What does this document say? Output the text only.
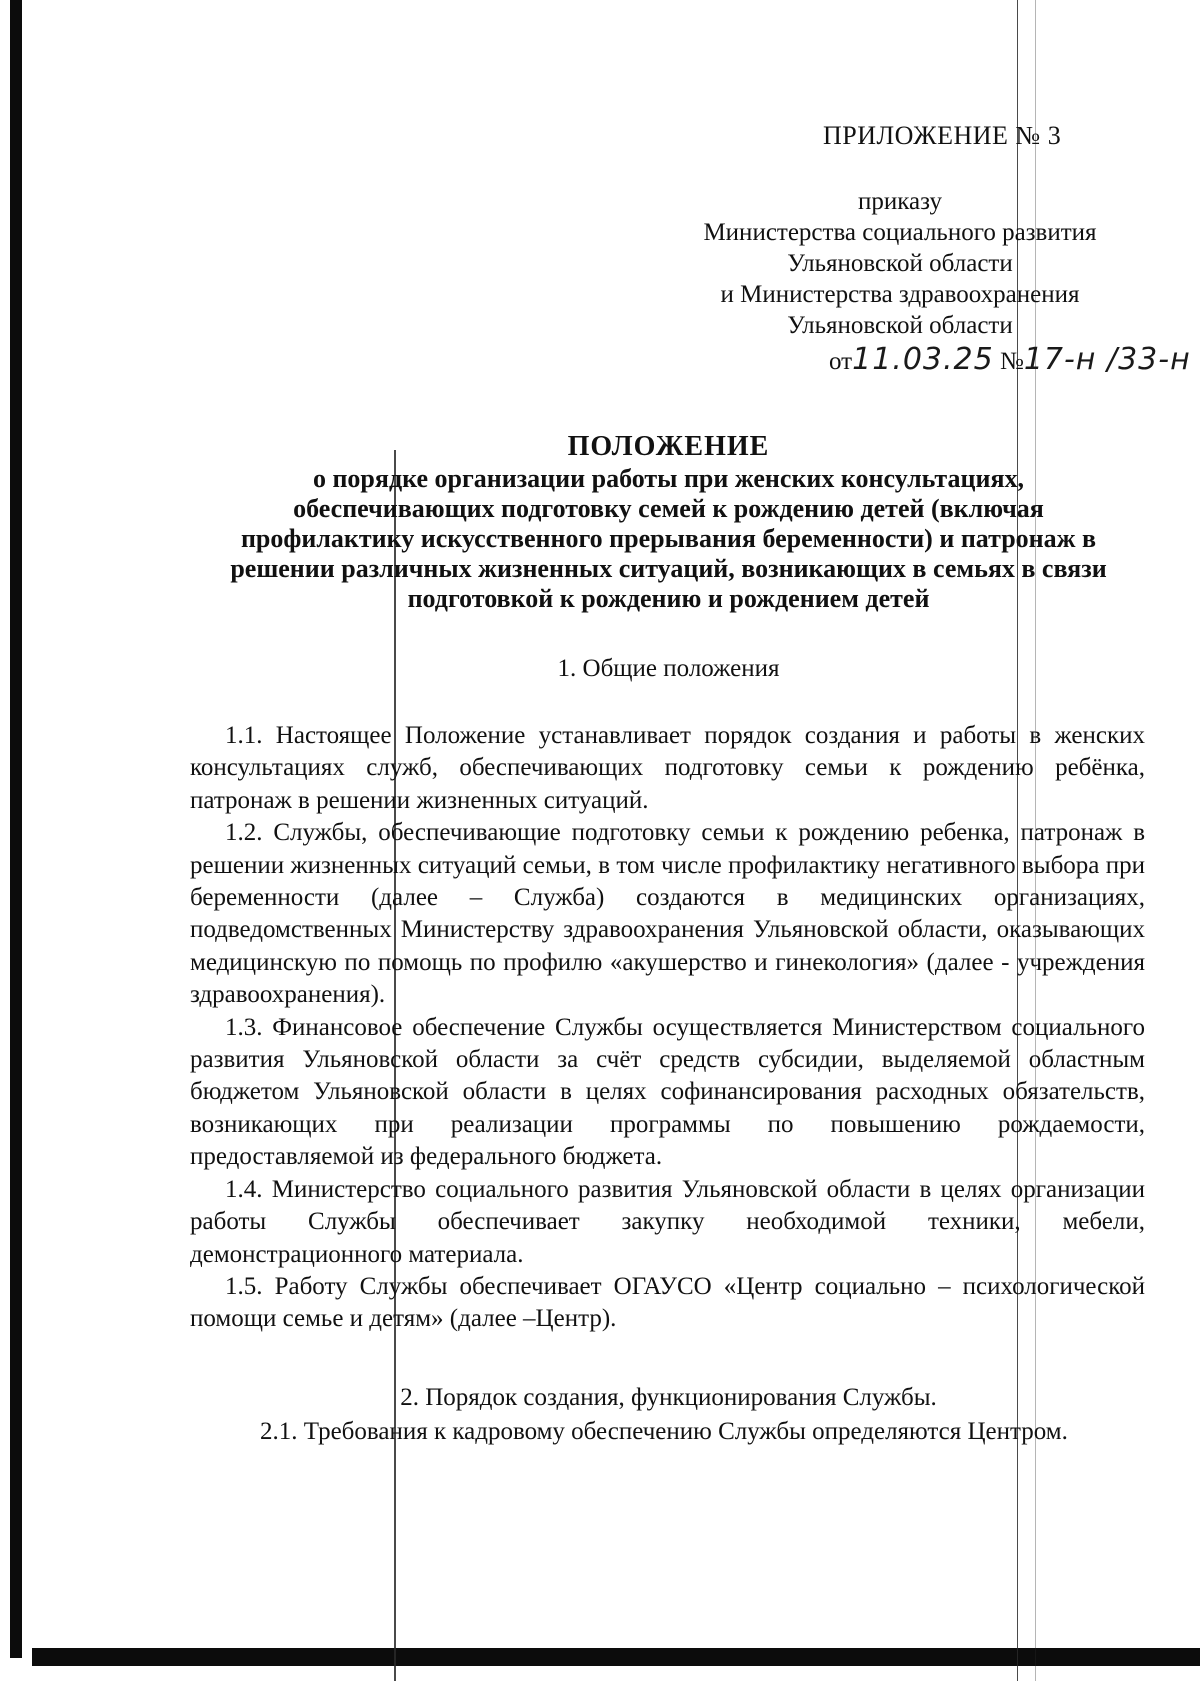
ПРИЛОЖЕНИЕ № 3
приказу
Министерства социального развития
Ульяновской области
и Министерства здравоохранения
Ульяновской области
от11.03.25 №17-н /33-н
ПОЛОЖЕНИЕ
о порядке организации работы при женских консультациях,
обеспечивающих подготовку семей к рождению детей (включая
профилактику искусственного прерывания беременности) и патронаж в
решении различных жизненных ситуаций, возникающих в семьях в связи
подготовкой к рождению и рождением детей
1. Общие положения

1.1. Настоящее Положение устанавливает порядок создания и работы в женских консультациях служб, обеспечивающих подготовку семьи к рождению ребёнка, патронаж в решении жизненных ситуаций.

1.2. Службы, обеспечивающие подготовку семьи к рождению ребенка, патронаж в решении жизненных ситуаций семьи, в том числе профилактику негативного выбора при беременности (далее – Служба) создаются в медицинских организациях, подведомственных Министерству здравоохранения Ульяновской области, оказывающих медицинскую по помощь по профилю «акушерство и гинекология» (далее - учреждения здравоохранения).

1.3. Финансовое обеспечение Службы осуществляется Министерством социального развития Ульяновской области за счёт средств субсидии, выделяемой областным бюджетом Ульяновской области в целях софинансирования расходных обязательств, возникающих при реализации программы по повышению рождаемости, предоставляемой из федерального бюджета.

1.4. Министерство социального развития Ульяновской области в целях организации работы Службы обеспечивает закупку необходимой техники, мебели, демонстрационного материала.

1.5. Работу Службы обеспечивает ОГАУСО «Центр социально – психологической помощи семье и детям» (далее –Центр).

2. Порядок создания, функционирования Службы.

2.1. Требования к кадровому обеспечению Службы определяются Центром.
